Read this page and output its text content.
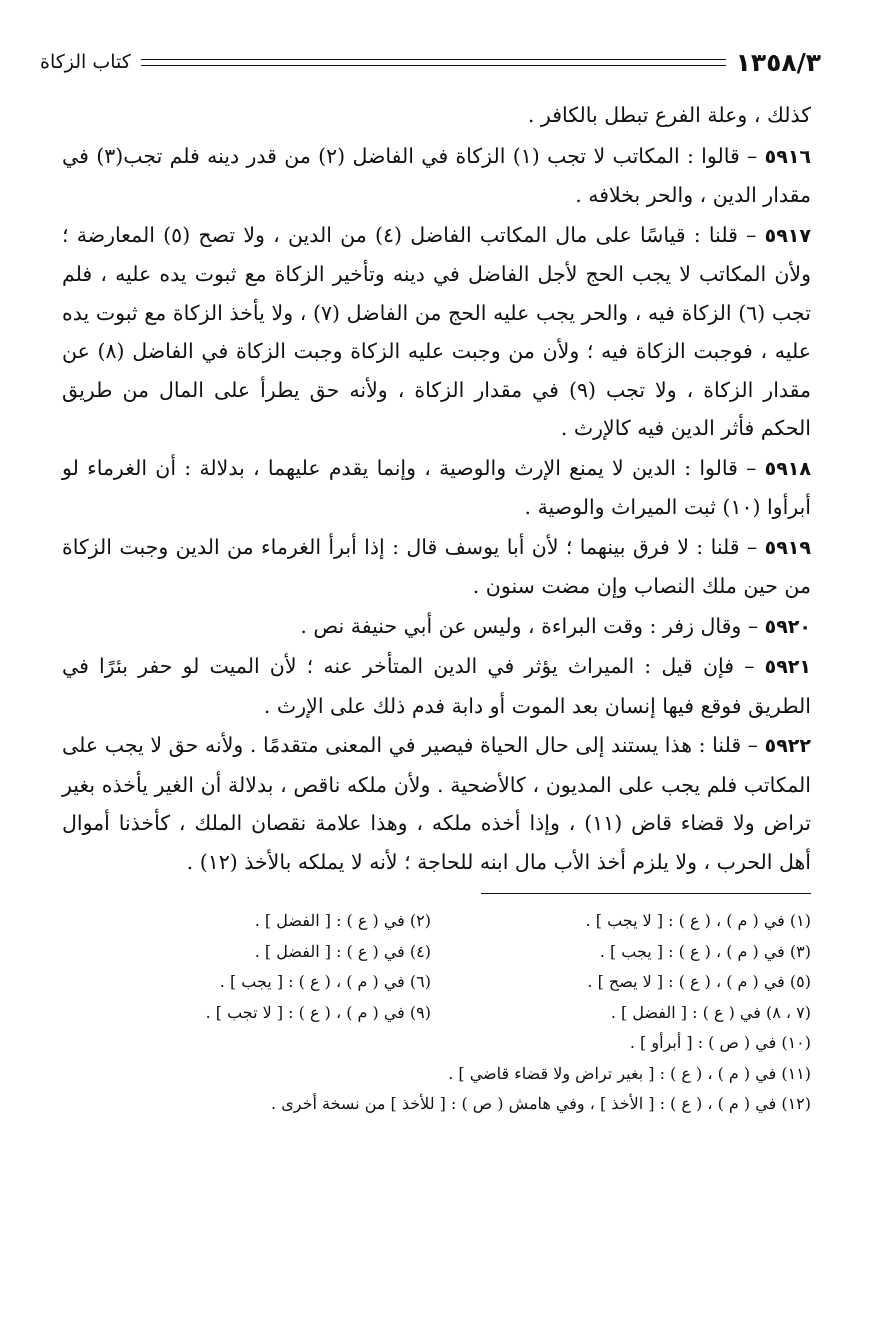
١٣٥٨/٣
كتاب الزكاة

كذلك ، وعلة الفرع تبطل بالكافر .

٥٩١٦ – قالوا : المكاتب لا تجب (١) الزكاة في الفاضل (٢) من قدر دينه فلم تجب(٣) في مقدار الدين ، والحر بخلافه .

٥٩١٧ – قلنا : قياسًا على مال المكاتب الفاضل (٤) من الدين ، ولا تصح (٥) المعارضة ؛ ولأن المكاتب لا يجب الحج لأجل الفاضل في دينه وتأخير الزكاة مع ثبوت يده عليه ، فلم تجب (٦) الزكاة فيه ، والحر يجب عليه الحج من الفاضل (٧) ، ولا يأخذ الزكاة مع ثبوت يده عليه ، فوجبت الزكاة فيه ؛ ولأن من وجبت عليه الزكاة وجبت الزكاة في الفاضل (٨) عن مقدار الزكاة ، ولا تجب (٩) في مقدار الزكاة ، ولأنه حق يطرأ على المال من طريق الحكم فأثر الدين فيه كالإرث .

٥٩١٨ – قالوا : الدين لا يمنع الإرث والوصية ، وإنما يقدم عليهما ، بدلالة : أن الغرماء لو أبرأوا (١٠) ثبت الميراث والوصية .

٥٩١٩ – قلنا : لا فرق بينهما ؛ لأن أبا يوسف قال : إذا أبرأ الغرماء من الدين وجبت الزكاة من حين ملك النصاب وإن مضت سنون .

٥٩٢٠ – وقال زفر : وقت البراءة ، وليس عن أبي حنيفة نص .

٥٩٢١ – فإن قيل : الميراث يؤثر في الدين المتأخر عنه ؛ لأن الميت لو حفر بئرًا في الطريق فوقع فيها إنسان بعد الموت أو دابة فدم ذلك على الإرث .

٥٩٢٢ – قلنا : هذا يستند إلى حال الحياة فيصير في المعنى متقدمًا . ولأنه حق لا يجب على المكاتب فلم يجب على المديون ، كالأضحية . ولأن ملكه ناقص ، بدلالة أن الغير يأخذه بغير تراض ولا قضاء قاض (١١) ، وإذا أخذه ملكه ، وهذا علامة نقصان الملك ، كأخذنا أموال أهل الحرب ، ولا يلزم أخذ الأب مال ابنه للحاجة ؛ لأنه لا يملكه بالأخذ (١٢) .

(١) في ( م ) ، ( ع ) : [ لا يجب ] .
(٢) في ( ع ) : [ الفضل ] .
(٣) في ( م ) ، ( ع ) : [ يجب ] .
(٤) في ( ع ) : [ الفضل ] .
(٥) في ( م ) ، ( ع ) : [ لا يصح ] .
(٦) في ( م ) ، ( ع ) : [ يجب ] .
(٧ ، ٨) في ( ع ) : [ الفضل ] .
(٩) في ( م ) ، ( ع ) : [ لا تجب ] .
(١٠) في ( ص ) : [ أبرأو ] .
(١١) في ( م ) ، ( ع ) : [ بغير تراض ولا قضاء قاضي ] .
(١٢) في ( م ) ، ( ع ) : [ الأخذ ] ، وفي هامش ( ص ) : [ للأخذ ] من نسخة أخرى .
